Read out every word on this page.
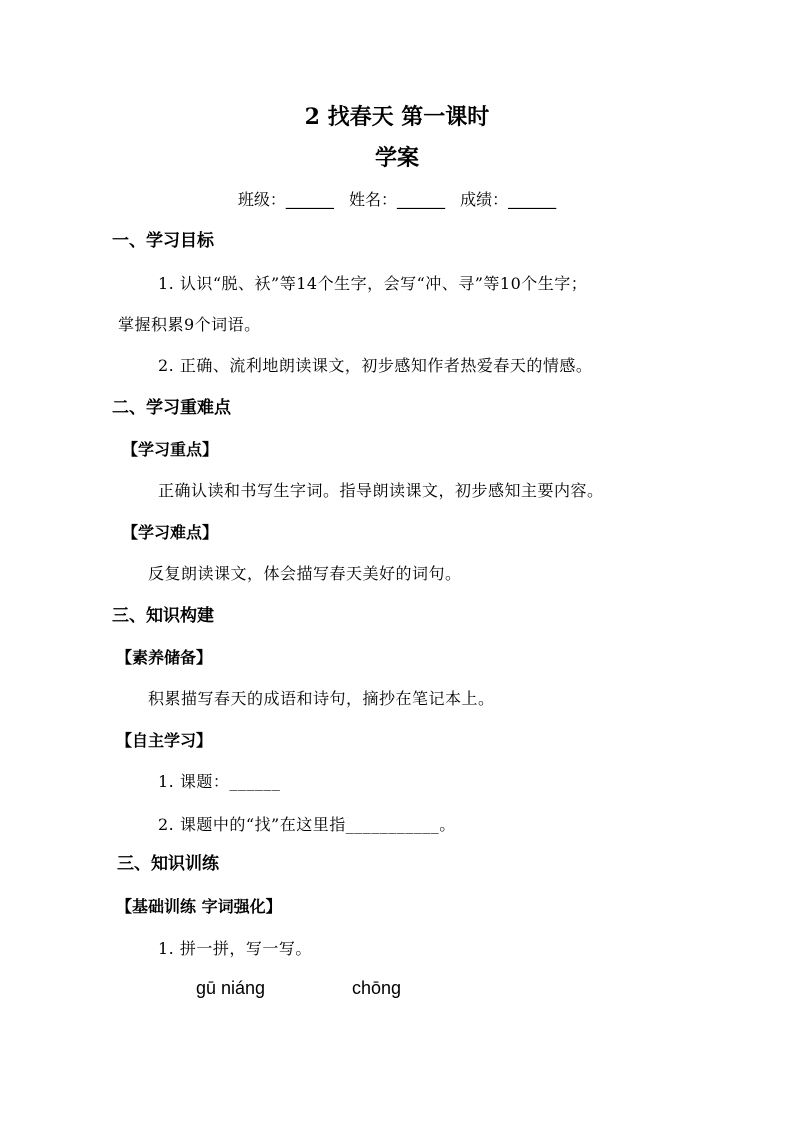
2 找春天 第一课时
学案
班级：______ 姓名：______ 成绩：______
一、学习目标
1. 认识“脱、袄”等14个生字，会写“冲、寻”等10个生字；
掌握积累9个词语。
2. 正确、流利地朗读课文，初步感知作者热爱春天的情感。
二、学习重难点
【学习重点】
正确认读和书写生字词。指导朗读课文，初步感知主要内容。
【学习难点】
反复朗读课文，体会描写春天美好的词句。
三、知识构建
【素养储备】
积累描写春天的成语和诗句，摘抄在笔记本上。
【自主学习】
1. 课题：______
2. 课题中的“找”在这里指___________。
三、知识训练
【基础训练 字词强化】
1. 拼一拼，写一写。
gū niáng	chōng
